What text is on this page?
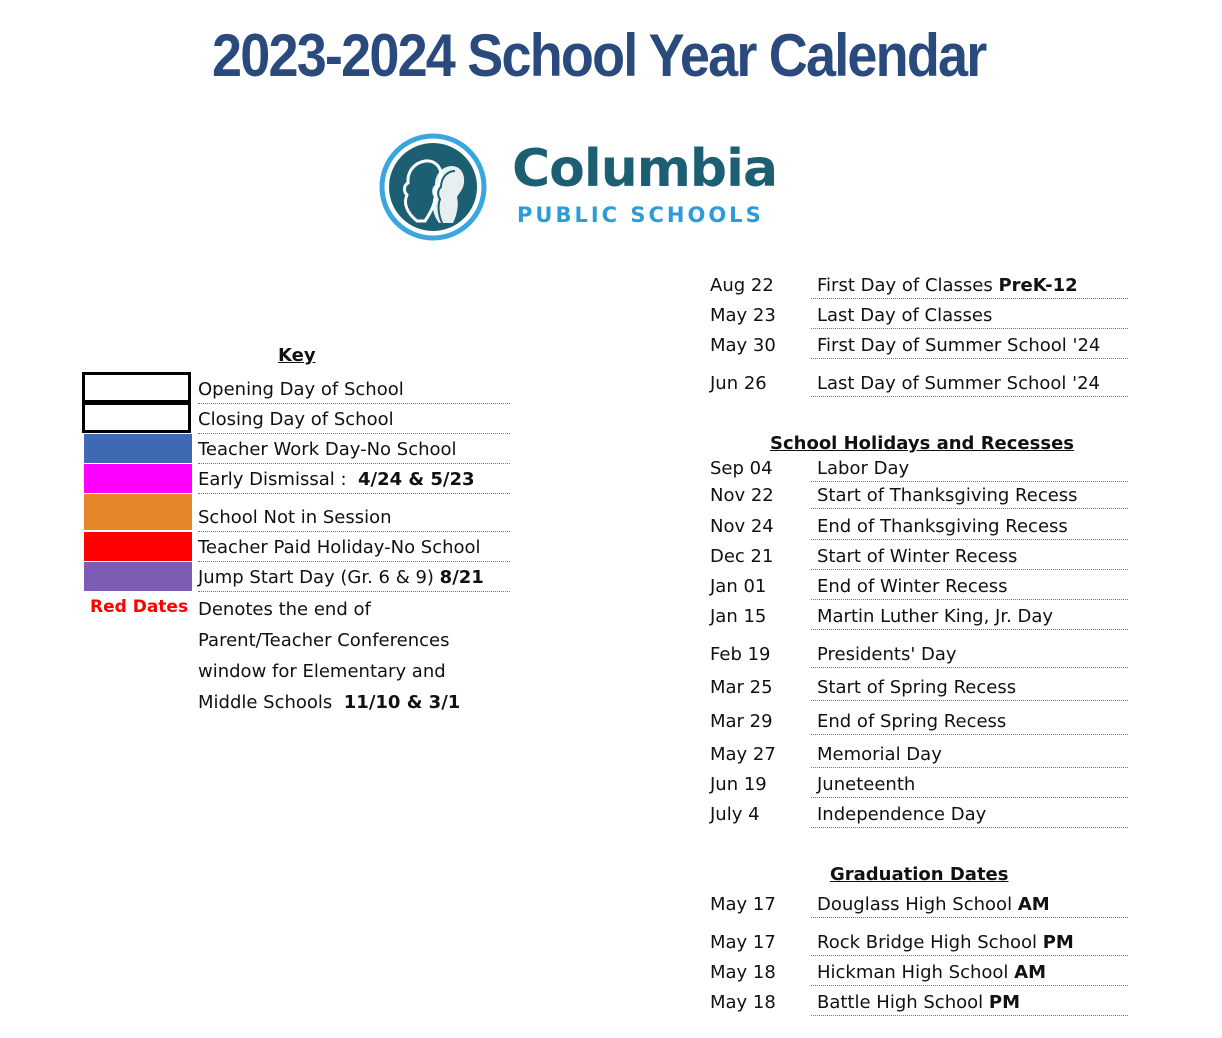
2023-2024 School Year Calendar
Columbia
PUBLIC SCHOOLS
Key
Opening Day of School
Closing Day of School
Teacher Work Day-No School
Early Dismissal : 4/24 & 5/23
School Not in Session
Teacher Paid Holiday-No School
Jump Start Day (Gr. 6 & 9) 8/21
Red Dates Denotes the end of
Parent/Teacher Conferences
window for Elementary and
Middle Schools 11/10 & 3/1
Aug 22	First Day of Classes PreK-12
May 23	Last Day of Classes
May 30	First Day of Summer School '24
Jun 26	Last Day of Summer School '24
School Holidays and Recesses
Sep 04	Labor Day
Nov 22	Start of Thanksgiving Recess
Nov 24	End of Thanksgiving Recess
Dec 21	Start of Winter Recess
Jan 01	End of Winter Recess
Jan 15	Martin Luther King, Jr. Day
Feb 19	Presidents' Day
Mar 25	Start of Spring Recess
Mar 29	End of Spring Recess
May 27	Memorial Day
Jun 19	Juneteenth
July 4	Independence Day
Graduation Dates
May 17	Douglass High School AM
May 17	Rock Bridge High School PM
May 18	Hickman High School AM
May 18	Battle High School PM
